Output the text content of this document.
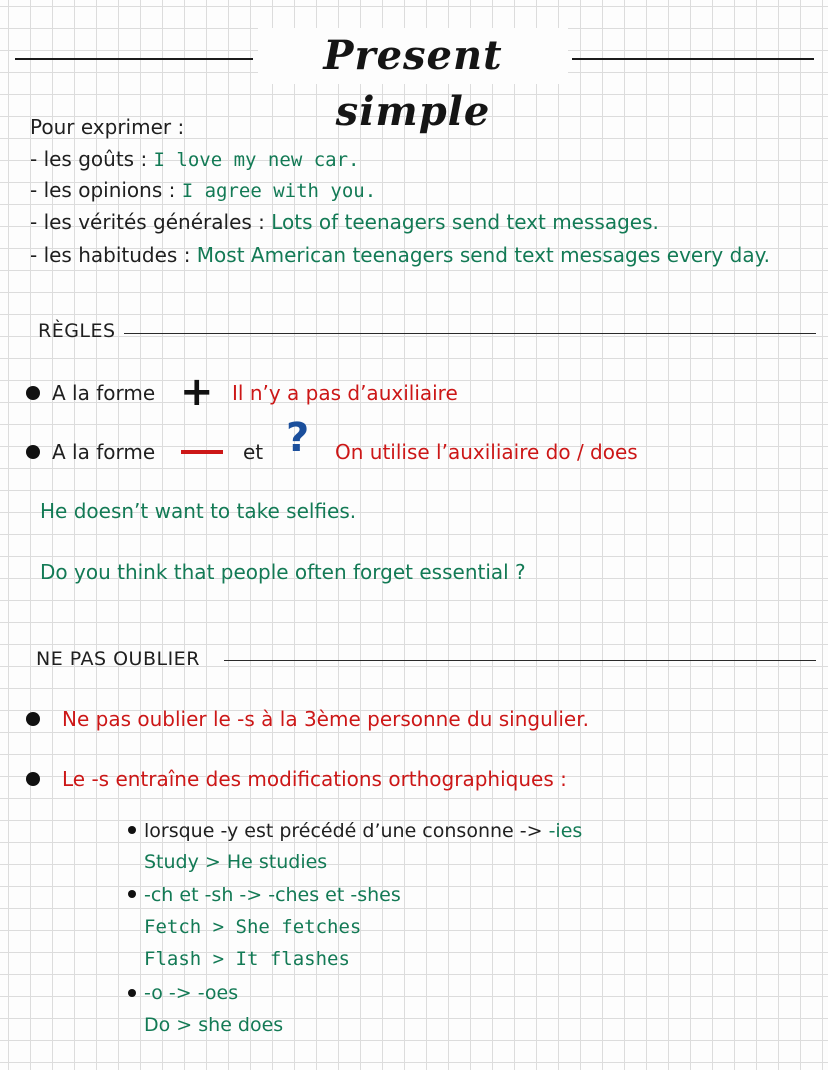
Present simple
Pour exprimer :
- les goûts : I love my new car.
- les opinions : I agree with you.
- les vérités générales : Lots of teenagers send text messages.
- les habitudes : Most American teenagers send text messages every day.
RÈGLES
A la forme + Il n’y a pas d’auxiliaire
A la forme	et ? On utilise l’auxiliaire do / does
He doesn’t want to take selfies.
Do you think that people often forget essential ?
NE PAS OUBLIER
Ne pas oublier le -s à la 3ème personne du singulier.
Le -s entraîne des modifications orthographiques :
lorsque -y est précédé d’une consonne -> -ies
Study > He studies
-ch et -sh -> -ches et -shes
Fetch > She fetches
Flash > It flashes
-o -> -oes
Do > she does
